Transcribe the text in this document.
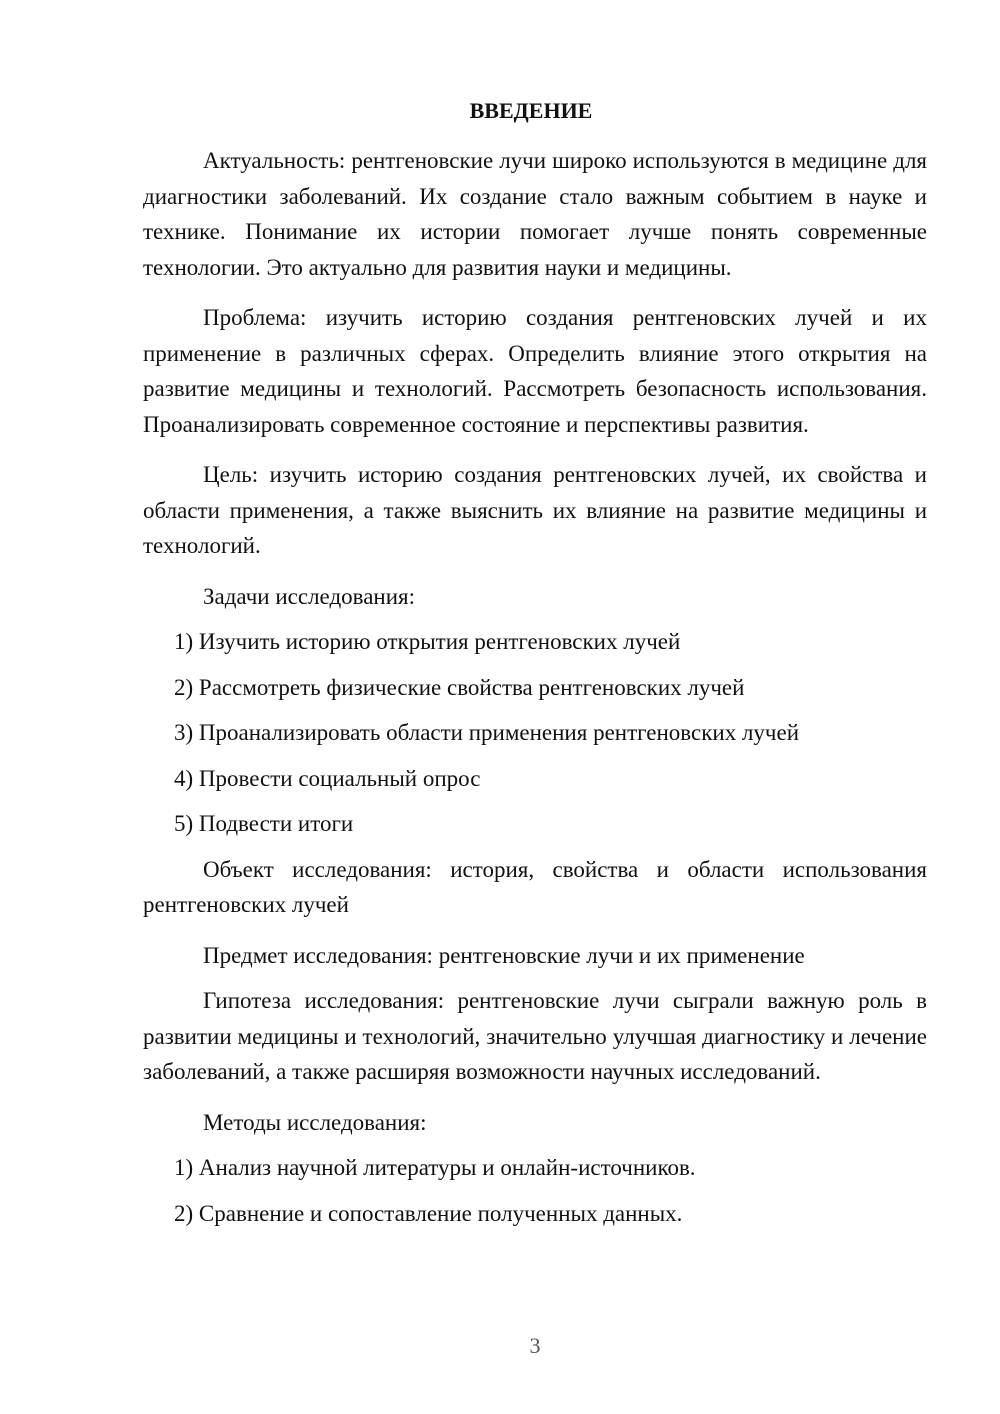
ВВЕДЕНИЕ

Актуальность: рентгеновские лучи широко используются в медицине для диагностики заболеваний. Их создание стало важным событием в науке и технике. Понимание их истории помогает лучше понять современные технологии. Это актуально для развития науки и медицины.

Проблема: изучить историю создания рентгеновских лучей и их применение в различных сферах. Определить влияние этого открытия на развитие медицины и технологий. Рассмотреть безопасность использования. Проанализировать современное состояние и перспективы развития.

Цель: изучить историю создания рентгеновских лучей, их свойства и области применения, а также выяснить их влияние на развитие медицины и технологий.

Задачи исследования:

1) Изучить историю открытия рентгеновских лучей

2) Рассмотреть физические свойства рентгеновских лучей

3) Проанализировать области применения рентгеновских лучей

4) Провести социальный опрос

5) Подвести итоги

Объект исследования: история, свойства и области использования рентгеновских лучей

Предмет исследования: рентгеновские лучи и их применение

Гипотеза исследования: рентгеновские лучи сыграли важную роль в развитии медицины и технологий, значительно улучшая диагностику и лечение заболеваний, а также расширяя возможности научных исследований.

Методы исследования:

1) Анализ научной литературы и онлайн-источников.

2) Сравнение и сопоставление полученных данных.

3
